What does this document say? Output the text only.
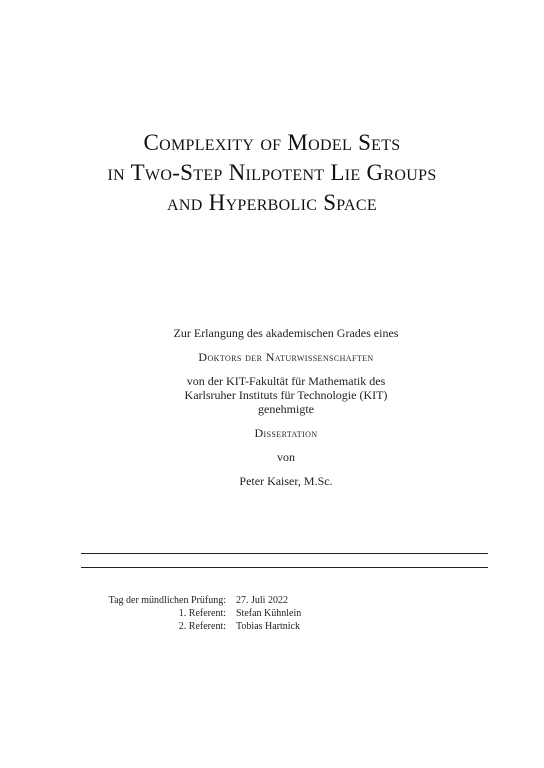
Complexity of Model Sets
in Two-Step Nilpotent Lie Groups
and Hyperbolic Space
Zur Erlangung des akademischen Grades eines
Doktors der Naturwissenschaften
von der KIT-Fakultät für Mathematik des
Karlsruher Instituts für Technologie (KIT)
genehmigte
Dissertation
von
Peter Kaiser, M.Sc.
Tag der mündlichen Prüfung: 27. Juli 2022
1. Referent: Stefan Kühnlein
2. Referent: Tobias Hartnick
